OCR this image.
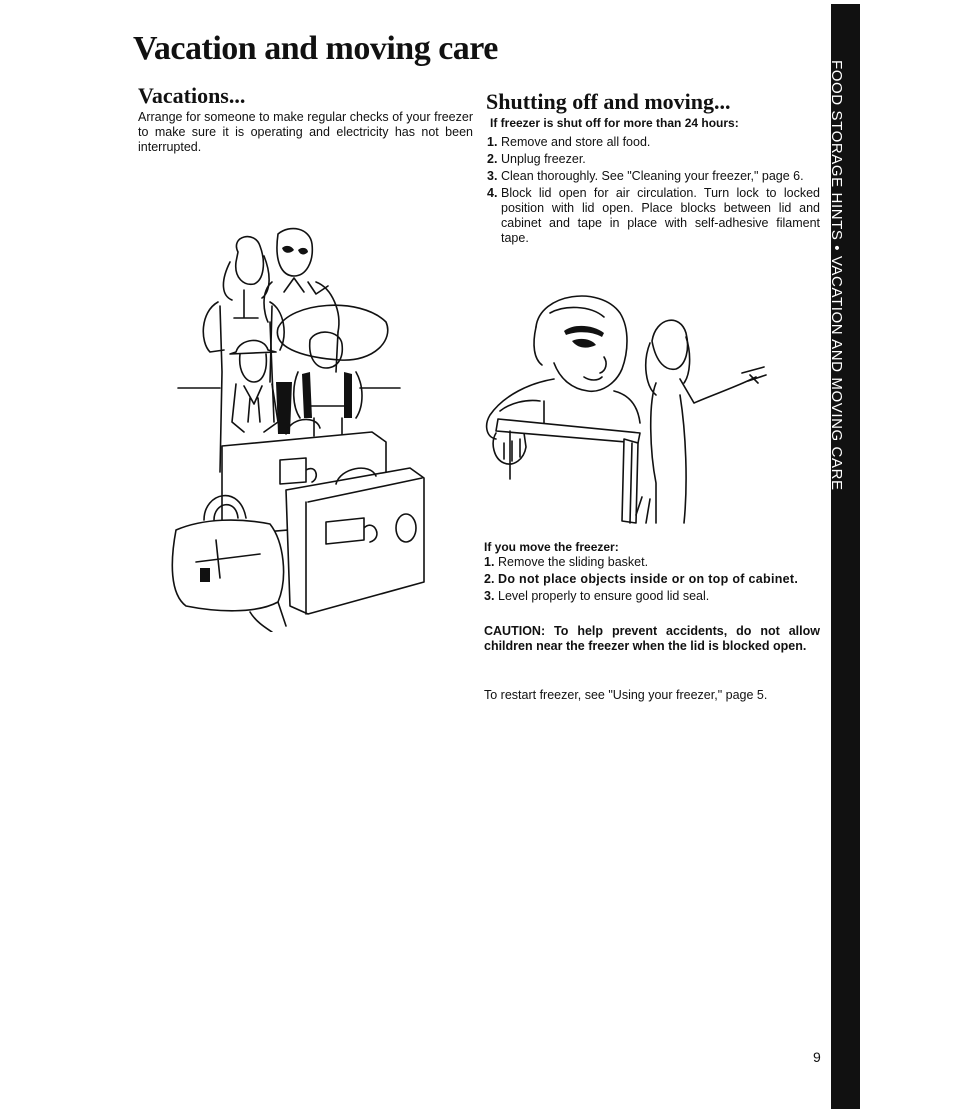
Vacation and moving care
Vacations...

Arrange for someone to make regular checks of your freezer to make sure it is operating and electricity has not been interrupted.

Shutting off and moving...

If freezer is shut off for more than 24 hours:

1. Remove and store all food.
2. Unplug freezer.
3. Clean thoroughly. See "Cleaning your freezer," page 6.
4. Block lid open for air circulation. Turn lock to locked position with lid open. Place blocks between lid and cabinet and tape in place with self-adhesive filament tape.

If you move the freezer:

1. Remove the sliding basket.
2. Do not place objects inside or on top of cabinet.
3. Level properly to ensure good lid seal.

CAUTION: To help prevent accidents, do not allow children near the freezer when the lid is blocked open.

To restart freezer, see "Using your freezer," page 5.

9

FOOD STORAGE HINTS • VACATION AND MOVING CARE
